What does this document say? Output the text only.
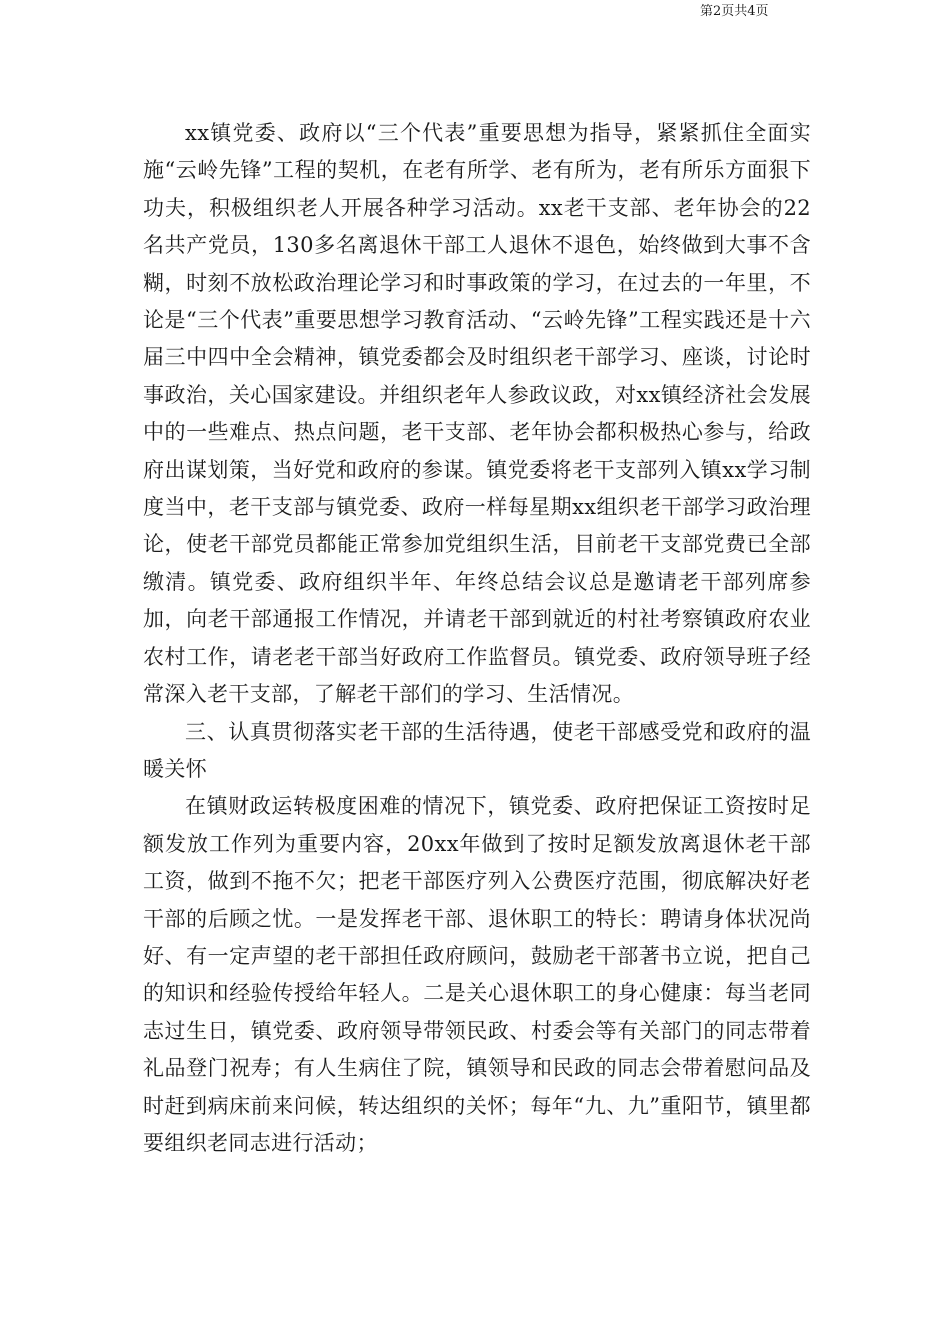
xx镇党委、政府以“三个代表”重要思想为指导，紧紧抓住全面实施“云岭先锋”工程的契机，在老有所学、老有所为，老有所乐方面狠下功夫，积极组织老人开展各种学习活动。xx老干支部、老年协会的22名共产党员，130多名离退休干部工人退休不退色，始终做到大事不含糊，时刻不放松政治理论学习和时事政策的学习，在过去的一年里，不论是“三个代表”重要思想学习教育活动、“云岭先锋”工程实践还是十六届三中四中全会精神，镇党委都会及时组织老干部学习、座谈，讨论时事政治，关心国家建设。并组织老年人参政议政，对xx镇经济社会发展中的一些难点、热点问题，老干支部、老年协会都积极热心参与，给政府出谋划策，当好党和政府的参谋。镇党委将老干支部列入镇xx学习制度当中，老干支部与镇党委、政府一样每星期xx组织老干部学习政治理论，使老干部党员都能正常参加党组织生活，目前老干支部党费已全部缴清。镇党委、政府组织半年、年终总结会议总是邀请老干部列席参加，向老干部通报工作情况，并请老干部到就近的村社考察镇政府农业农村工作，请老老干部当好政府工作监督员。镇党委、政府领导班子经常深入老干支部，了解老干部们的学习、生活情况。

三、认真贯彻落实老干部的生活待遇，使老干部感受党和政府的温暖关怀

在镇财政运转极度困难的情况下，镇党委、政府把保证工资按时足额发放工作列为重要内容，20xx年做到了按时足额发放离退休老干部工资，做到不拖不欠；把老干部医疗列入公费医疗范围，彻底解决好老干部的后顾之忧。一是发挥老干部、退休职工的特长：聘请身体状况尚好、有一定声望的老干部担任政府顾问，鼓励老干部著书立说，把自己的知识和经验传授给年轻人。二是关心退休职工的身心健康：每当老同志过生日，镇党委、政府领导带领民政、村委会等有关部门的同志带着礼品登门祝寿；有人生病住了院，镇领导和民政的同志会带着慰问品及时赶到病床前来问候，转达组织的关怀；每年“九、九”重阳节，镇里都要组织老同志进行活动；

第2页共4页
